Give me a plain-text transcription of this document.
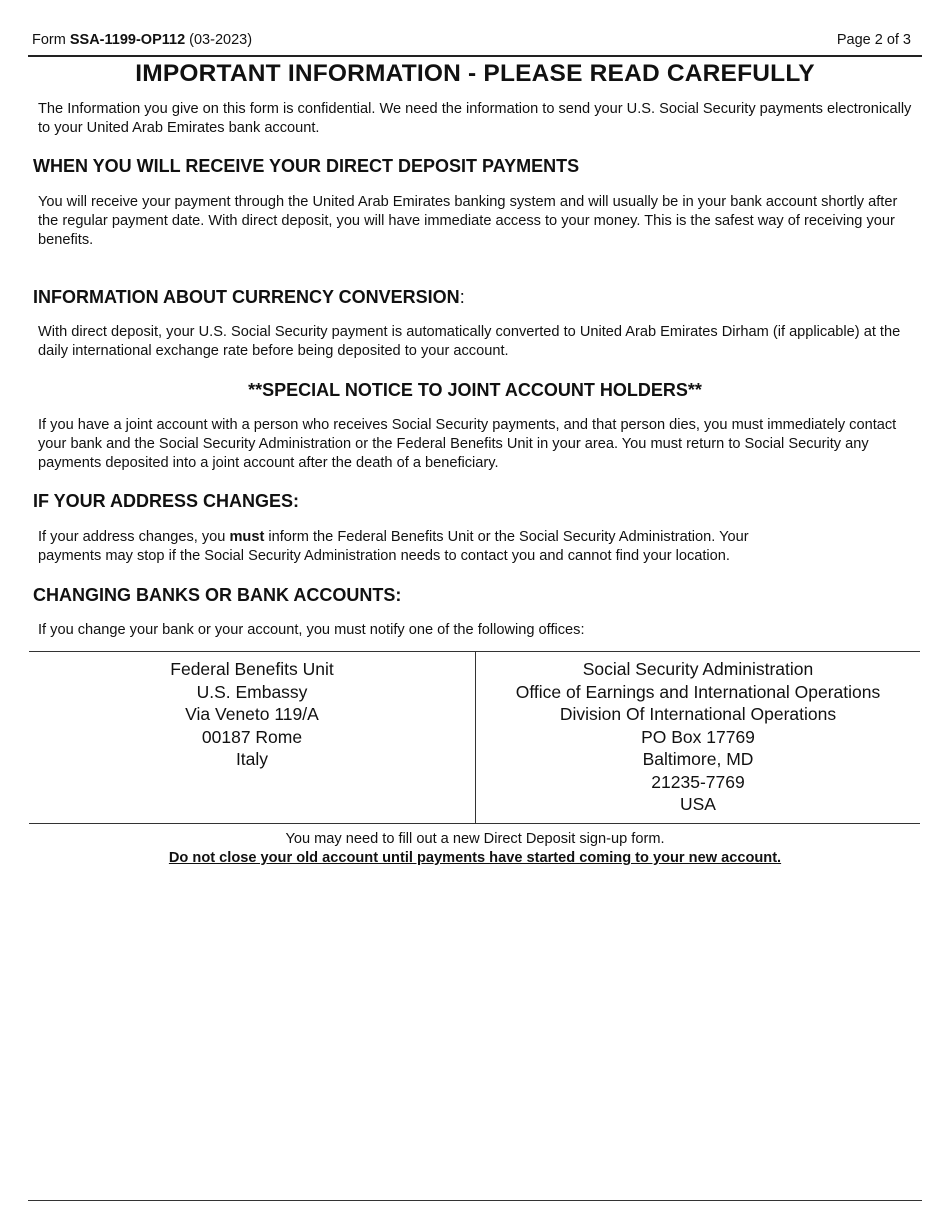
Form SSA-1199-OP112 (03-2023)	Page 2 of 3
IMPORTANT INFORMATION - PLEASE READ CAREFULLY
The Information you give on this form is confidential. We need the information to send your U.S. Social Security payments electronically to your United Arab Emirates bank account.
WHEN YOU WILL RECEIVE YOUR DIRECT DEPOSIT PAYMENTS
You will receive your payment through the United Arab Emirates banking system and will usually be in your bank account shortly after the regular payment date. With direct deposit, you will have immediate access to your money. This is the safest way of receiving your benefits.
INFORMATION ABOUT CURRENCY CONVERSION:
With direct deposit, your U.S. Social Security payment is automatically converted to United Arab Emirates Dirham (if applicable) at the daily international exchange rate before being deposited to your account.
**SPECIAL NOTICE TO JOINT ACCOUNT HOLDERS**
If you have a joint account with a person who receives Social Security payments, and that person dies, you must immediately contact your bank and the Social Security Administration or the Federal Benefits Unit in your area. You must return to Social Security any payments deposited into a joint account after the death of a beneficiary.
IF YOUR ADDRESS CHANGES:
If your address changes, you must inform the Federal Benefits Unit or the Social Security Administration. Your payments may stop if the Social Security Administration needs to contact you and cannot find your location.
CHANGING BANKS OR BANK ACCOUNTS:
If you change your bank or your account, you must notify one of the following offices:
Federal Benefits Unit
U.S. Embassy
Via Veneto 119/A
00187 Rome
Italy
Social Security Administration
Office of Earnings and International Operations
Division Of International Operations
PO Box 17769
Baltimore, MD
21235-7769
USA
You may need to fill out a new Direct Deposit sign-up form.
Do not close your old account until payments have started coming to your new account.
